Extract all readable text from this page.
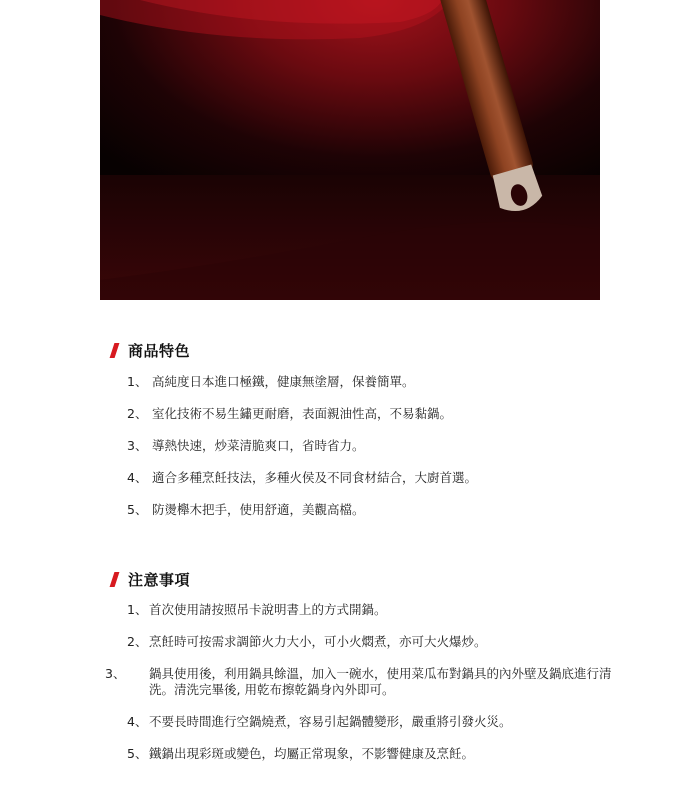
商品特色
1、 高純度日本進口極鐵，健康無塗層，保養簡單。
2、 室化技術不易生鏽更耐磨，表面親油性高，不易黏鍋。
3、 導熱快速，炒菜清脆爽口，省時省力。
4、 適合多種烹飪技法，多種火侯及不同食材結合，大廚首選。
5、 防燙櫸木把手，使用舒適，美觀高檔。
注意事項
1、 首次使用請按照吊卡說明書上的方式開鍋。
2、 烹飪時可按需求調節火力大小，可小火燜煮，亦可大火爆炒。
3、 鍋具使用後，利用鍋具餘溫，加入一碗水，使用菜瓜布對鍋具的內外壁及鍋底進行清洗。清洗完畢後, 用乾布擦乾鍋身內外即可。
4、 不要長時間進行空鍋燒煮，容易引起鍋體變形，嚴重將引發火災。
5、 鐵鍋出現彩斑或變色，均屬正常現象，不影響健康及烹飪。
